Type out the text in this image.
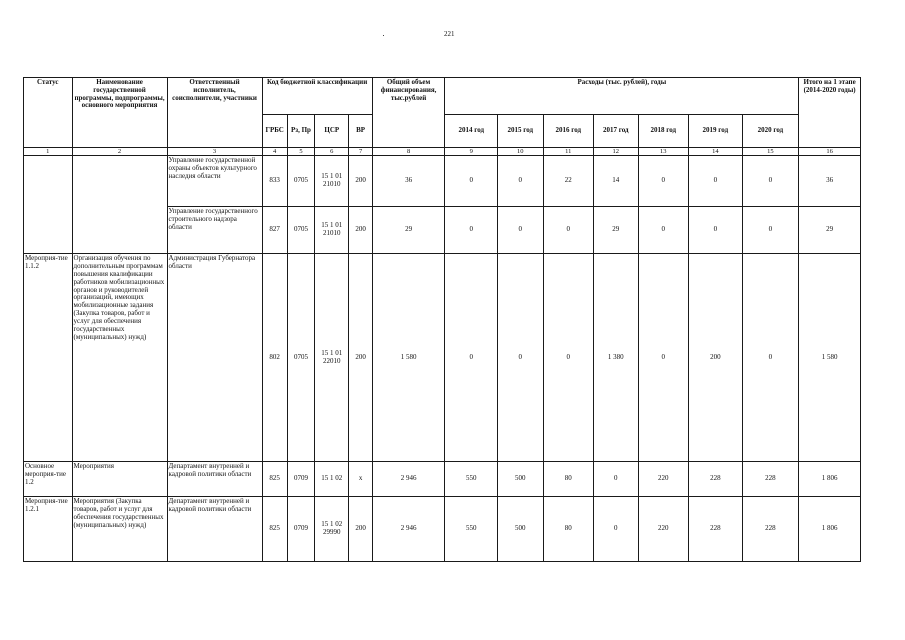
221
Статус	Наименование государственной программы, подпрограммы, основного мероприятия	Ответственный исполнитель, соисполнители, участники	Код бюджетной классификации				Общий объем финансирования, тыс.рублей	Расходы (тыс. рублей), годы							Итого на 1 этапе (2014-2020 годы)
			ГРБС	Рз, Пр	ЦСР	ВР		2014 год	2015 год	2016 год	2017 год	2018 год	2019 год	2020 год	
1	2	3	4	5	6	7	8	9	10	11	12	13	14	15	16
		Управление государственной охраны объектов культурного наследия области	833	0705	15 1 01 21010	200	36	0	0	22	14	0	0	0	36
		Управление государственного строительного надзора области	827	0705	15 1 01 21010	200	29	0	0	0	29	0	0	0	29
Мероприя-тие 1.1.2	Организация обучения по дополнительным программам повышения квалификации работников мобилизационных органов и руководителей организаций, имеющих мобилизационные задания (Закупка товаров, работ и услуг для обеспечения государственных (муниципальных) нужд)	Администрация Губернатора области	802	0705	15 1 01 22010	200	1 580	0	0	0	1 380	0	200	0	1 580
Основное мероприя-тие 1.2	Мероприятия	Департамент внутренней и кадровой политики области	825	0709	15 1 02	х	2 946	550	500	80	0	220	228	228	1 806
Мероприя-тие 1.2.1	Мероприятия (Закупка товаров, работ и услуг для обеспечения государственных (муниципальных) нужд)	Департамент внутренней и кадровой политики области	825	0709	15 1 02 29990	200	2 946	550	500	80	0	220	228	228	1 806
